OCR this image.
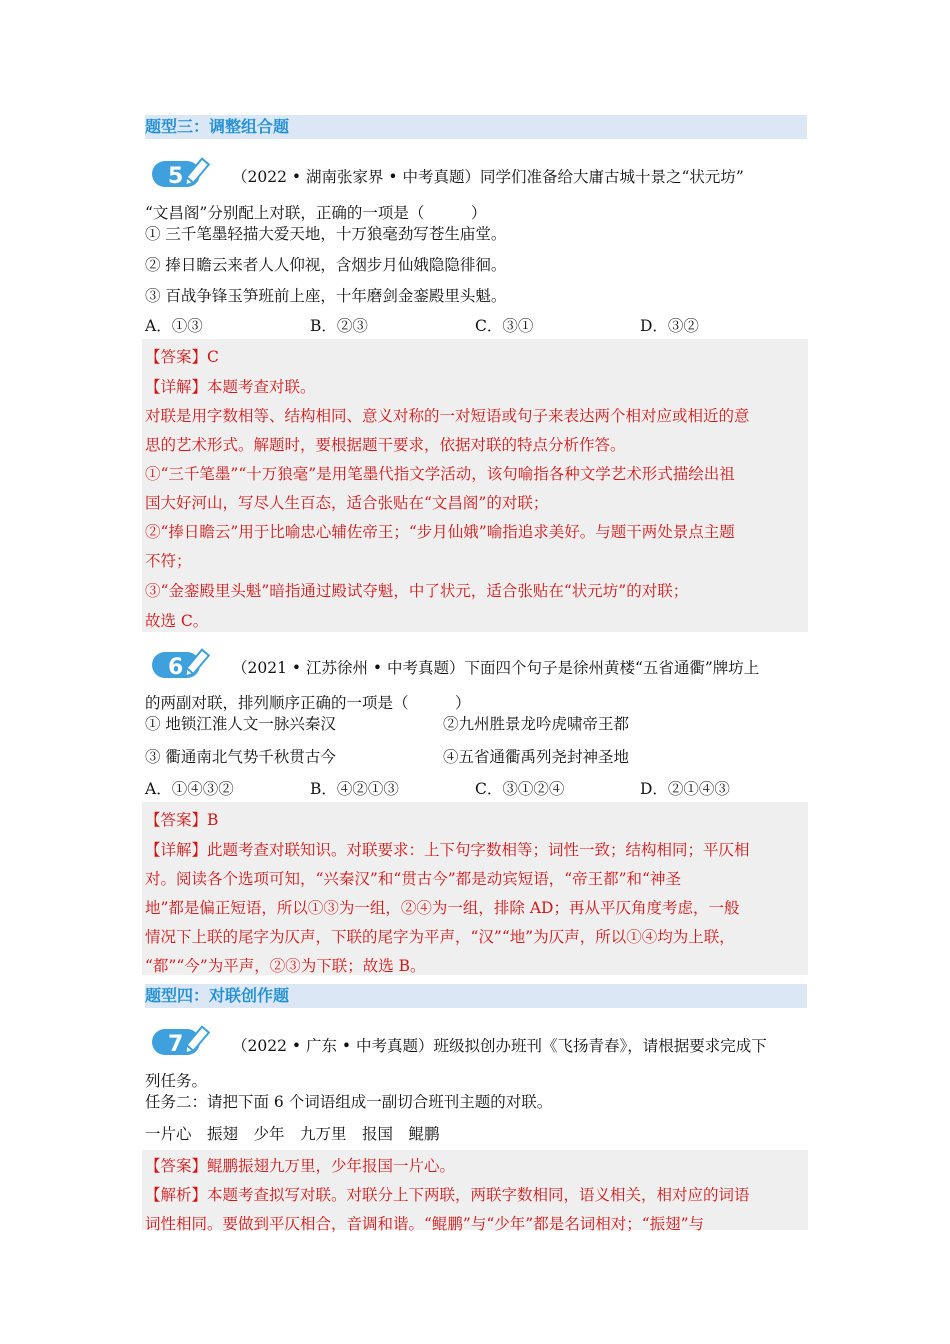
题型三：调整组合题
5	（2022 • 湖南张家界 • 中考真题）同学们准备给大庸古城十景之“状元坊”
“文昌阁”分别配上对联，正确的一项是（　　　）
① 三千笔墨轻描大爱天地，十万狼毫劲写苍生庙堂。
② 捧日瞻云来者人人仰视，含烟步月仙娥隐隐徘徊。
③ 百战争锋玉笋班前上座，十年磨剑金銮殿里头魁。
A．①③	B．②③	C．③①	D．③②
【答案】C
【详解】本题考查对联。
对联是用字数相等、结构相同、意义对称的一对短语或句子来表达两个相对应或相近的意
思的艺术形式。解题时，要根据题干要求，依据对联的特点分析作答。
①“三千笔墨”“十万狼毫”是用笔墨代指文学活动，该句喻指各种文学艺术形式描绘出祖
国大好河山，写尽人生百态，适合张贴在“文昌阁”的对联；
②“捧日瞻云”用于比喻忠心辅佐帝王；“步月仙娥”喻指追求美好。与题干两处景点主题
不符；
③“金銮殿里头魁”暗指通过殿试夺魁，中了状元，适合张贴在“状元坊”的对联；
故选 C。
6	（2021 • 江苏徐州 • 中考真题）下面四个句子是徐州黄楼“五省通衢”牌坊上
的两副对联，排列顺序正确的一项是（　　　）
① 地锁江淮人文一脉兴秦汉	②九州胜景龙吟虎啸帝王都
③ 衢通南北气势千秋贯古今	④五省通衢禹列尧封神圣地
A．①④③②	B．④②①③	C．③①②④	D．②①④③
【答案】B
【详解】此题考查对联知识。对联要求：上下句字数相等；词性一致；结构相同；平仄相
对。阅读各个选项可知，“兴秦汉”和“贯古今”都是动宾短语，“帝王都”和“神圣
地”都是偏正短语，所以①③为一组，②④为一组，排除 AD；再从平仄角度考虑，一般
情况下上联的尾字为仄声，下联的尾字为平声，“汉”“地”为仄声，所以①④均为上联，
“都”“今”为平声，②③为下联；故选 B。
题型四：对联创作题
7	（2022 • 广东 • 中考真题）班级拟创办班刊《飞扬青春》，请根据要求完成下
列任务。
任务二：请把下面 6 个词语组成一副切合班刊主题的对联。
一片心　振翅　少年　九万里　报国　鲲鹏
【答案】鲲鹏振翅九万里，少年报国一片心。
【解析】本题考查拟写对联。对联分上下两联，两联字数相同，语义相关，相对应的词语
词性相同。要做到平仄相合，音调和谐。“鲲鹏”与“少年”都是名词相对；“振翅”与
